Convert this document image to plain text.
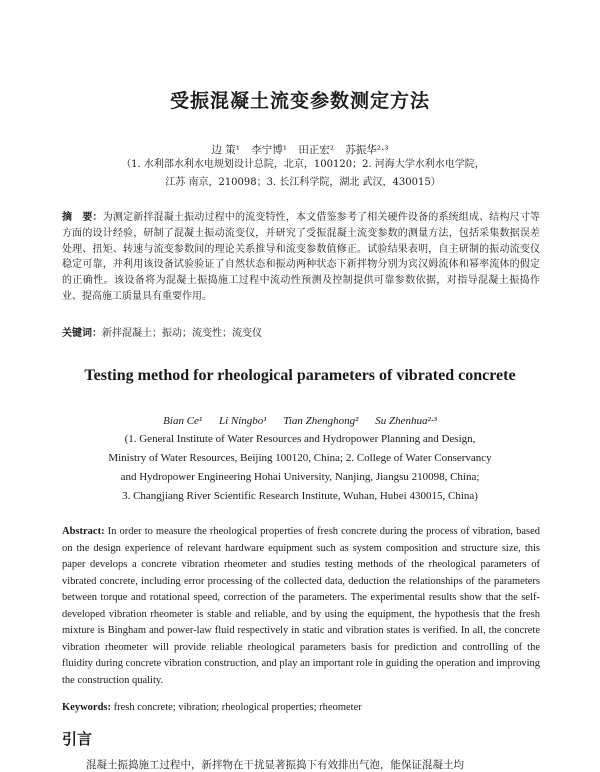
受振混凝土流变参数测定方法
边 策¹ 李宁博¹ 田正宏² 苏振华²·³
（1. 水利部水利水电规划设计总院，北京，100120；2. 河海大学水利水电学院，
江苏 南京，210098；3. 长江科学院，湖北 武汉，430015）
摘　要：为测定新拌混凝土振动过程中的流变特性，本文借鉴参考了相关硬件设备的系统组成、结构尺寸等方面的设计经验，研制了混凝土振动流变仪，并研究了受振混凝土流变参数的测量方法，包括采集数据误差处理、扭矩、转速与流变参数间的理论关系推导和流变参数值修正。试验结果表明，自主研制的振动流变仪稳定可靠，并利用该设备试验验证了自然状态和振动两种状态下新拌物分别为宾汉姆流体和幂率流体的假定的正确性。该设备将为混凝土振捣施工过程中流动性预测及控制提供可靠参数依据，对指导混凝土振捣作业、提高施工质量具有重要作用。
关键词：新拌混凝土；振动；流变性；流变仪
Testing method for rheological parameters of vibrated concrete
Bian Ce¹ Li Ningbo¹ Tian Zhenghong² Su Zhenhua²·³
(1. General Institute of Water Resources and Hydropower Planning and Design,
Ministry of Water Resources, Beijing 100120, China; 2. College of Water Conservancy
and Hydropower Engineering Hohai University, Nanjing, Jiangsu 210098, China;
3. Changjiang River Scientific Research Institute, Wuhan, Hubei 430015, China)
Abstract: In order to measure the rheological properties of fresh concrete during the process of vibration, based on the design experience of relevant hardware equipment such as system composition and structure size, this paper develops a concrete vibration rheometer and studies testing methods of the rheological parameters of vibrated concrete, including error processing of the collected data, deduction the relationships of the parameters between torque and rotational speed, correction of the parameters. The experimental results show that the self-developed vibration rheometer is stable and reliable, and by using the equipment, the hypothesis that the fresh mixture is Bingham and power-law fluid respectively in static and vibration states is verified. In all, the concrete vibration rheometer will provide reliable rheological parameters basis for prediction and controlling of the fluidity during concrete vibration construction, and play an important role in guiding the operation and improving the construction quality.
Keywords: fresh concrete; vibration; rheological properties; rheometer
引言
混凝土振捣施工过程中，新拌物在干扰显著振捣下有效排出气泡，能保证混凝土均
